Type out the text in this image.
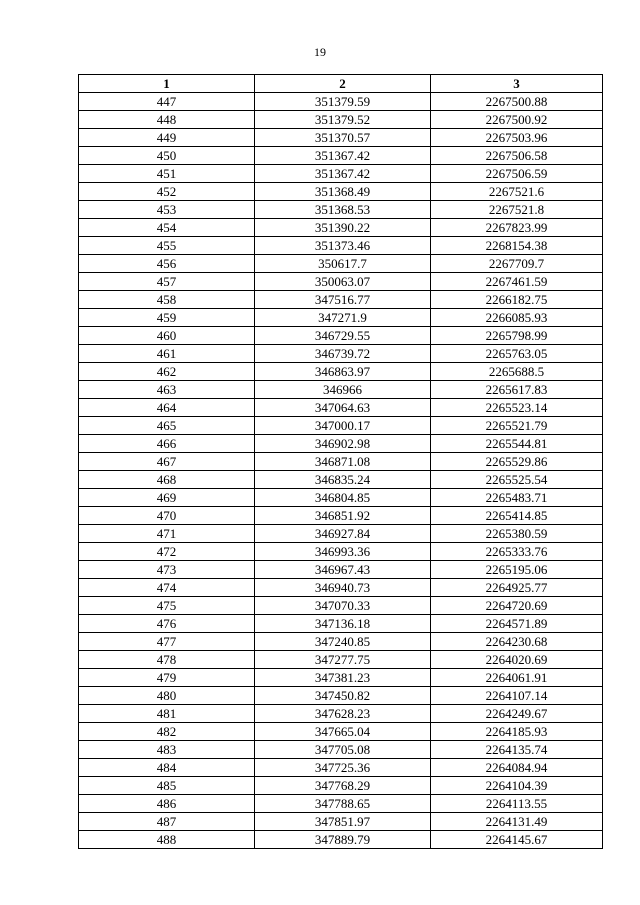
19
1	2	3
447	351379.59	2267500.88
448	351379.52	2267500.92
449	351370.57	2267503.96
450	351367.42	2267506.58
451	351367.42	2267506.59
452	351368.49	2267521.6
453	351368.53	2267521.8
454	351390.22	2267823.99
455	351373.46	2268154.38
456	350617.7	2267709.7
457	350063.07	2267461.59
458	347516.77	2266182.75
459	347271.9	2266085.93
460	346729.55	2265798.99
461	346739.72	2265763.05
462	346863.97	2265688.5
463	346966	2265617.83
464	347064.63	2265523.14
465	347000.17	2265521.79
466	346902.98	2265544.81
467	346871.08	2265529.86
468	346835.24	2265525.54
469	346804.85	2265483.71
470	346851.92	2265414.85
471	346927.84	2265380.59
472	346993.36	2265333.76
473	346967.43	2265195.06
474	346940.73	2264925.77
475	347070.33	2264720.69
476	347136.18	2264571.89
477	347240.85	2264230.68
478	347277.75	2264020.69
479	347381.23	2264061.91
480	347450.82	2264107.14
481	347628.23	2264249.67
482	347665.04	2264185.93
483	347705.08	2264135.74
484	347725.36	2264084.94
485	347768.29	2264104.39
486	347788.65	2264113.55
487	347851.97	2264131.49
488	347889.79	2264145.67
